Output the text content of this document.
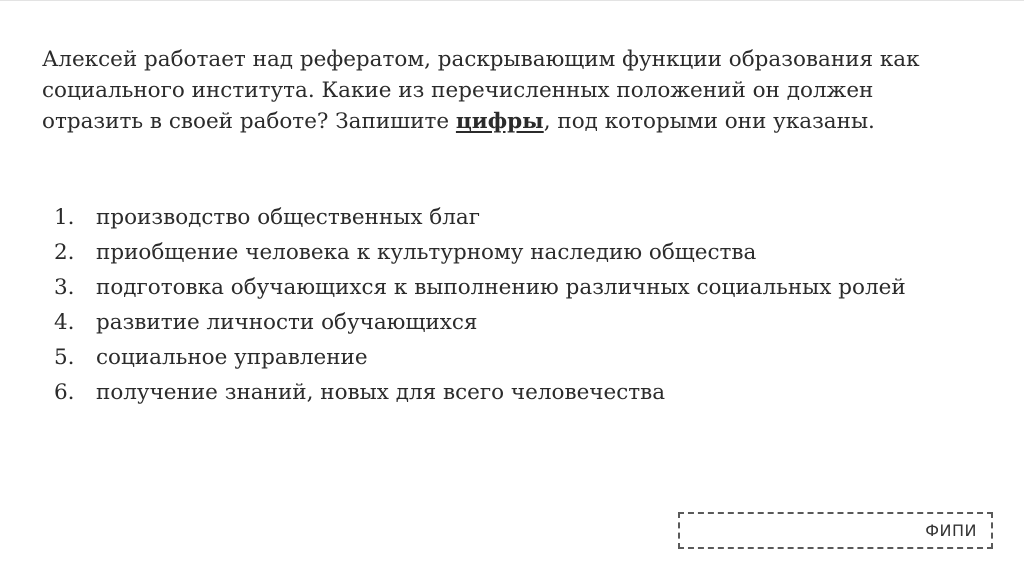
Алексей работает над рефератом, раскрывающим функции образования как социального института. Какие из перечисленных положений он должен отразить в своей работе? Запишите цифры, под которыми они указаны.

1. производство общественных благ
2. приобщение человека к культурному наследию общества
3. подготовка обучающихся к выполнению различных социальных ролей
4. развитие личности обучающихся
5. социальное управление
6. получение знаний, новых для всего человечества
ФИПИ
